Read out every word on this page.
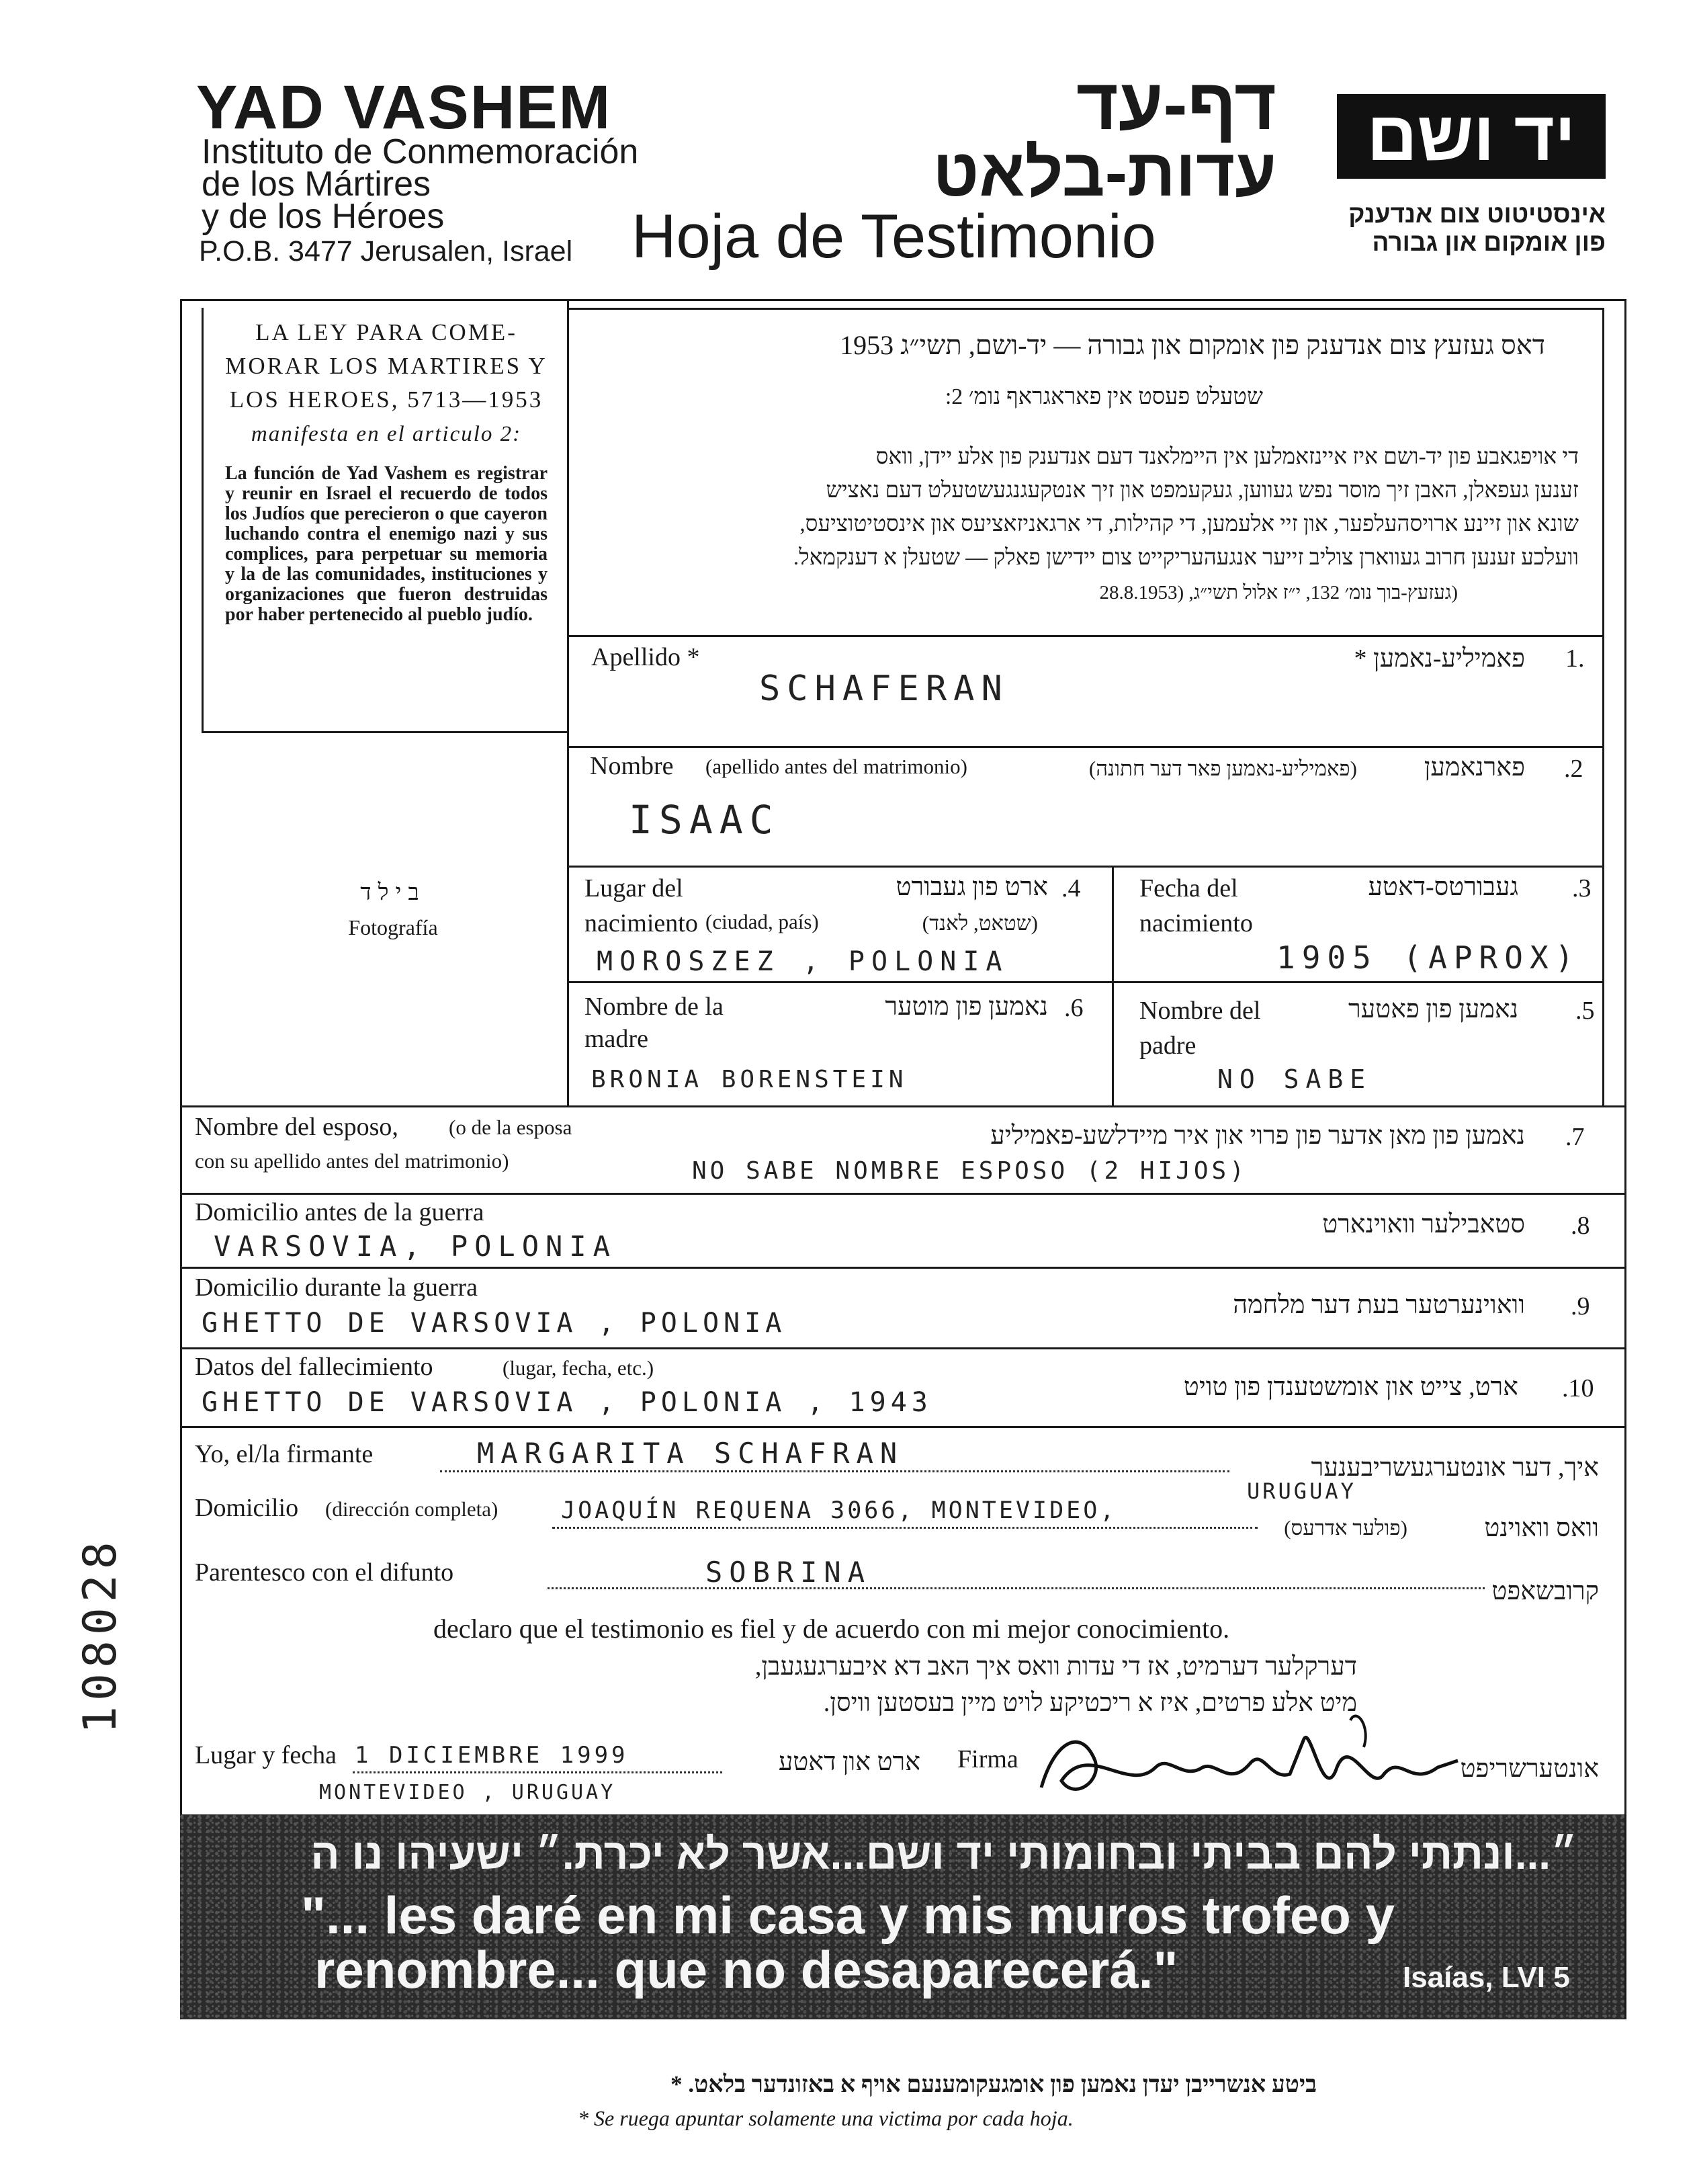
YAD VASHEM
Instituto de Conmemoración
de los Mártires
y de los Héroes
P.O.B. 3477 Jerusalen, Israel
דף-עד
עדות-בלאט
Hoja de Testimonio
יד ושם
אינסטיטוט צום אנדענק
פון אומקום און גבורה
LA LEY PARA COME-MORAR LOS MARTIRES Y LOS HEROES, 5713—1953
manifesta en el articulo 2:
La función de Yad Vashem es registrar y reunir en Israel el recuerdo de todos los Judíos que perecieron o que cayeron luchando contra el enemigo nazi y sus complices, para perpetuar su memoria y la de las comunidades, instituciones y organizaciones que fueron destruidas por haber pertenecido al pueblo judío.
בילד
Fotografía
דאס געזעץ צום אנדענק פון אומקום און גבורה — יד-ושם, תשי״ג 1953
שטעלט פעסט אין פאראגראף נומ׳ 2:
די אויפגאבע פון יד-ושם איז איינזאמלען אין היימלאנד דעם אנדענק פון אלע יידן, וואס
זענען געפאלן, האבן זיך מוסר נפש געווען, געקעמפט און זיך אנטקעגנגעשטעלט דעם נאציש
שונא און זיינע ארויסהעלפער, און זיי אלעמען, די קהילות, די ארגאניזאציעס און אינסטיטוציעס,
וועלכע זענען חרוב געווארן צוליב זייער אנגעהעריקייט צום יידישן פאלק — שטעלן א דענקמאל.
(געזעץ-בוך נומ׳ 132, י״ז אלול תשי״ג, (28.8.1953
Apellido *	פאמיליע-נאמען * 1.
SCHAFERAN
Nombre (apellido antes del matrimonio)	(פאמיליע-נאמען פאר דער חתונה)	פארנאמען .2
ISAAC
Lugar del nacimiento (ciudad, país)
ארט פון געבורט
(שטאט, לאנד)
.4
MOROSZEZ , POLONIA
Fecha del nacimiento
געבורטס-דאטע .3
1905 (APROX)
Nombre de la madre
נאמען פון מוטער .6
BRONIA BORENSTEIN
Nombre del padre
נאמען פון פאטער .5
NO SABE
Nombre del esposo, (o de la esposa
con su apellido antes del matrimonio)
נאמען פון מאן אדער פון פרוי און איר מיידלשע-פאמיליע .7
NO SABE NOMBRE ESPOSO (2 HIJOS)
Domicilio antes de la guerra	סטאבילער וואוינארט .8
VARSOVIA, POLONIA
Domicilio durante la guerra
וואוינערטער בעת דער מלחמה .9
GHETTO DE VARSOVIA , POLONIA
Datos del fallecimiento	(lugar, fecha, etc.)
ארט, צייט און אומשטענדן פון טויט .10
GHETTO DE VARSOVIA , POLONIA , 1943
Yo, el/la firmante	MARGARITA SCHAFRAN	איך, דער אונטערגעשריבענער
Domicilio (dirección completa)	JOAQUÍN REQUENA 3066, MONTEVIDEO,
URUGUAY
(פולער אדרעס)	וואס וואוינט
Parentesco con el difunto	SOBRINA
קרובשאפט
declaro que el testimonio es fiel y de acuerdo con mi mejor conocimiento.
דערקלער דערמיט, אז די עדות וואס איך האב דא איבערגעגעבן,
מיט אלע פרטים, איז א ריכטיקע לויט מיין בעסטען וויסן.
Lugar y fecha 1 DICIEMBRE 1999
MONTEVIDEO , URUGUAY
ארט און דאטע Firma	אונטערשריפט
״...ונתתי להם בביתי ובחומותי יד ושם...אשר לא יכרת.״ ישעיהו נו ה
"... les daré en mi casa y mis muros trofeo y
renombre... que no desaparecerá."	Isaías, LVI 5
ביטע אנשרייבן יעדן נאמען פון אומגעקומענעם אויף א באזונדער בלאט. *
* Se ruega apuntar solamente una victima por cada hoja.
108028
